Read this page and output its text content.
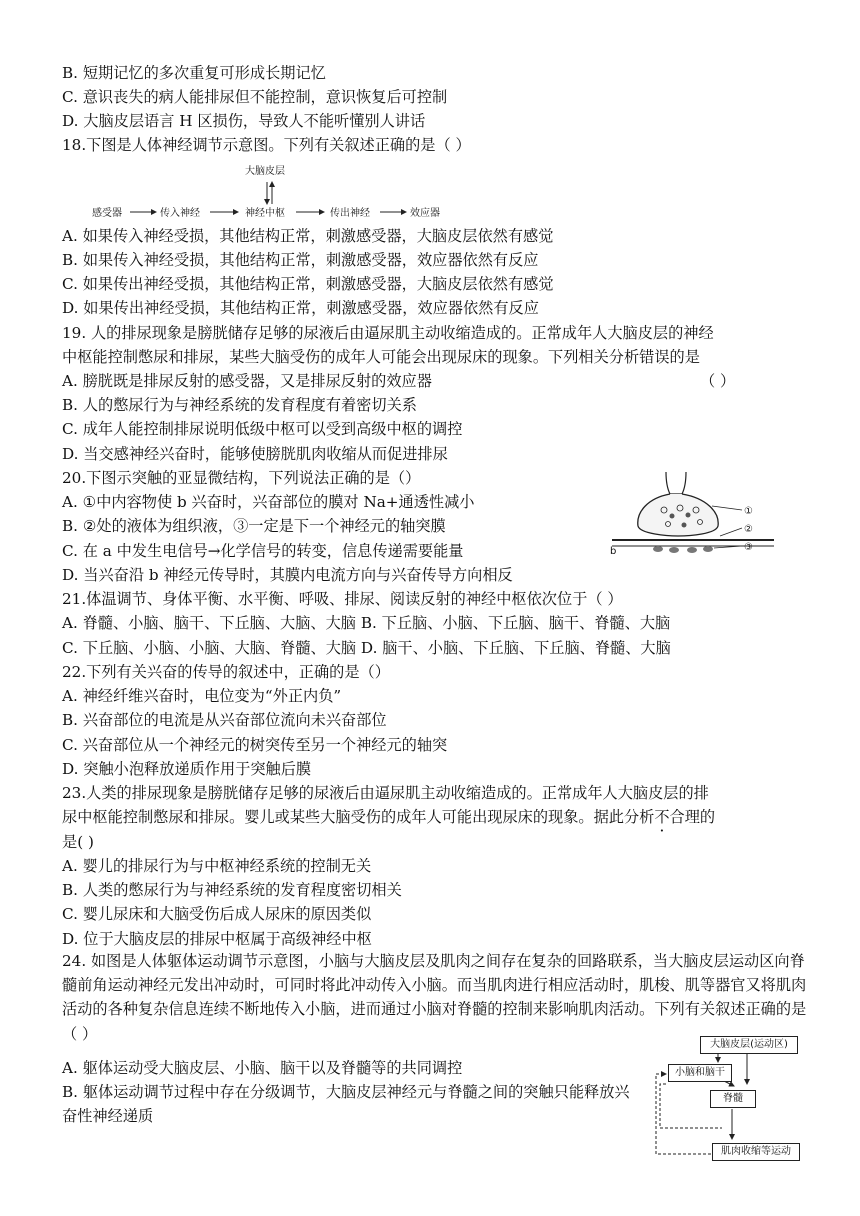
B. 短期记忆的多次重复可形成长期记忆
C. 意识丧失的病人能排尿但不能控制，意识恢复后可控制
D. 大脑皮层语言 H 区损伤，导致人不能听懂别人讲话
18.下图是人体神经调节示意图。下列有关叙述正确的是（ ）
大脑皮层
感受器	传入神经	神经中枢	传出神经	效应器
A. 如果传入神经受损，其他结构正常，刺激感受器，大脑皮层依然有感觉
B. 如果传入神经受损，其他结构正常，刺激感受器，效应器依然有反应
C. 如果传出神经受损，其他结构正常，刺激感受器，大脑皮层依然有感觉
D. 如果传出神经受损，其他结构正常，刺激感受器，效应器依然有反应
19. 人的排尿现象是膀胱储存足够的尿液后由逼尿肌主动收缩造成的。正常成年人大脑皮层的神经
中枢能控制憋尿和排尿，某些大脑受伤的成年人可能会出现尿床的现象。下列相关分析错误的是
A. 膀胱既是排尿反射的感受器，又是排尿反射的效应器	（ ）
B. 人的憋尿行为与神经系统的发育程度有着密切关系
C. 成年人能控制排尿说明低级中枢可以受到高级中枢的调控
D. 当交感神经兴奋时，能够使膀胱肌肉收缩从而促进排尿
20.下图示突触的亚显微结构，下列说法正确的是（）
A. ①中内容物使 b 兴奋时，兴奋部位的膜对 Na+通透性减小
B. ②处的液体为组织液，③一定是下一个神经元的轴突膜
C. 在 a 中发生电信号→化学信号的转变，信息传递需要能量
D. 当兴奋沿 b 神经元传导时，其膜内电流方向与兴奋传导方向相反
①
②
③
b
21.体温调节、身体平衡、水平衡、呼吸、排尿、阅读反射的神经中枢依次位于（ ）
A. 脊髓、小脑、脑干、下丘脑、大脑、大脑 B. 下丘脑、小脑、下丘脑、脑干、脊髓、大脑
C. 下丘脑、小脑、小脑、大脑、脊髓、大脑 D. 脑干、小脑、下丘脑、下丘脑、脊髓、大脑
22.下列有关兴奋的传导的叙述中，正确的是（）
A. 神经纤维兴奋时，电位变为“外正内负”
B. 兴奋部位的电流是从兴奋部位流向未兴奋部位
C. 兴奋部位从一个神经元的树突传至另一个神经元的轴突
D. 突触小泡释放递质作用于突触后膜
23.人类的排尿现象是膀胱储存足够的尿液后由逼尿肌主动收缩造成的。正常成年人大脑皮层的排
尿中枢能控制憋尿和排尿。婴儿或某些大脑受伤的成年人可能出现尿床的现象。据此分析不合理的
是( )
A. 婴儿的排尿行为与中枢神经系统的控制无关
B. 人类的憋尿行为与神经系统的发育程度密切相关
C. 婴儿尿床和大脑受伤后成人尿床的原因类似
D. 位于大脑皮层的排尿中枢属于高级神经中枢
24. 如图是人体躯体运动调节示意图，小脑与大脑皮层及肌肉之间存在复杂的回路联系，当大脑皮层运动区向脊髓前角运动神经元发出冲动时，可同时将此冲动传入小脑。而当肌肉进行相应活动时，肌梭、肌等器官又将肌肉活动的各种复杂信息连续不断地传入小脑，进而通过小脑对脊髓的控制来影响肌肉活动。下列有关叙述正确的是（ ）
A. 躯体运动受大脑皮层、小脑、脑干以及脊髓等的共同调控
B. 躯体运动调节过程中存在分级调节，大脑皮层神经元与脊髓之间的突触只能释放兴奋性神经递质
大脑皮层(运动区)
小脑和脑干
脊髓
肌肉收缩等运动
